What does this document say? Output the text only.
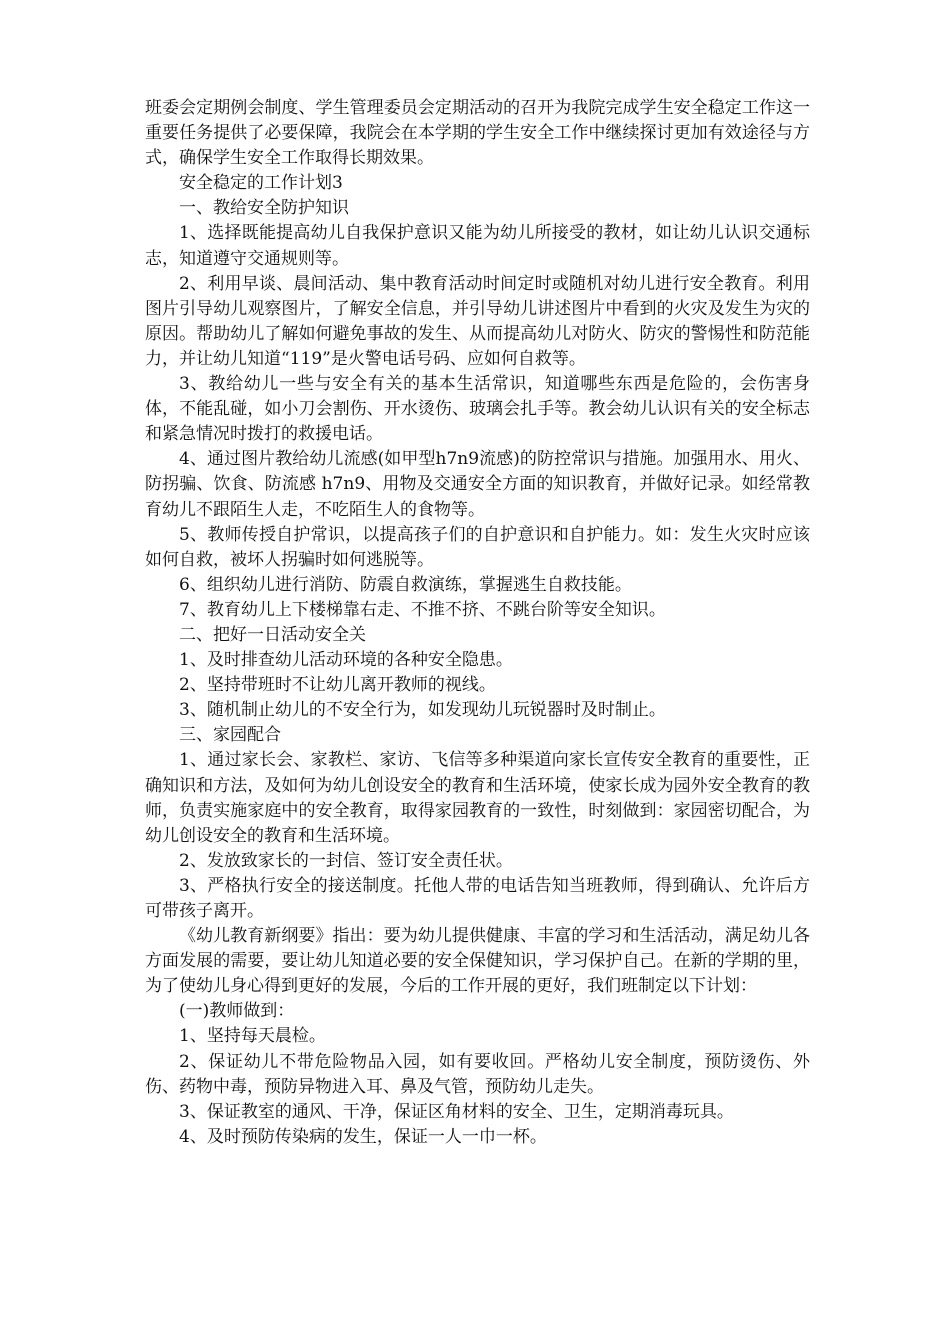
班委会定期例会制度、学生管理委员会定期活动的召开为我院完成学生安全稳定工作这一重要任务提供了必要保障，我院会在本学期的学生安全工作中继续探讨更加有效途径与方式，确保学生安全工作取得长期效果。

安全稳定的工作计划3

一、教给安全防护知识

1、选择既能提高幼儿自我保护意识又能为幼儿所接受的教材，如让幼儿认识交通标志，知道遵守交通规则等。

2、利用早谈、晨间活动、集中教育活动时间定时或随机对幼儿进行安全教育。利用图片引导幼儿观察图片，了解安全信息，并引导幼儿讲述图片中看到的火灾及发生为灾的原因。帮助幼儿了解如何避免事故的发生、从而提高幼儿对防火、防灾的警惕性和防范能力，并让幼儿知道“119”是火警电话号码、应如何自救等。

3、教给幼儿一些与安全有关的基本生活常识，知道哪些东西是危险的，会伤害身体，不能乱碰，如小刀会割伤、开水烫伤、玻璃会扎手等。教会幼儿认识有关的安全标志和紧急情况时拨打的救援电话。

4、通过图片教给幼儿流感(如甲型h7n9流感)的防控常识与措施。加强用水、用火、防拐骗、饮食、防流感 h7n9、用物及交通安全方面的知识教育，并做好记录。如经常教育幼儿不跟陌生人走，不吃陌生人的食物等。

5、教师传授自护常识，以提高孩子们的自护意识和自护能力。如：发生火灾时应该如何自救，被坏人拐骗时如何逃脱等。

6、组织幼儿进行消防、防震自救演练，掌握逃生自救技能。

7、教育幼儿上下楼梯靠右走、不推不挤、不跳台阶等安全知识。

二、把好一日活动安全关

1、及时排查幼儿活动环境的各种安全隐患。

2、坚持带班时不让幼儿离开教师的视线。

3、随机制止幼儿的不安全行为，如发现幼儿玩锐器时及时制止。

三、家园配合

1、通过家长会、家教栏、家访、飞信等多种渠道向家长宣传安全教育的重要性，正确知识和方法，及如何为幼儿创设安全的教育和生活环境，使家长成为园外安全教育的教师，负责实施家庭中的安全教育，取得家园教育的一致性，时刻做到：家园密切配合，为幼儿创设安全的教育和生活环境。

2、发放致家长的一封信、签订安全责任状。

3、严格执行安全的接送制度。托他人带的电话告知当班教师，得到确认、允许后方可带孩子离开。

《幼儿教育新纲要》指出：要为幼儿提供健康、丰富的学习和生活活动，满足幼儿各方面发展的需要，要让幼儿知道必要的安全保健知识，学习保护自己。在新的学期的里，为了使幼儿身心得到更好的发展，今后的工作开展的更好，我们班制定以下计划：

(一)教师做到：

1、坚持每天晨检。

2、保证幼儿不带危险物品入园，如有要收回。严格幼儿安全制度，预防烫伤、外伤、药物中毒，预防异物进入耳、鼻及气管，预防幼儿走失。

3、保证教室的通风、干净，保证区角材料的安全、卫生，定期消毒玩具。

4、及时预防传染病的发生，保证一人一巾一杯。
